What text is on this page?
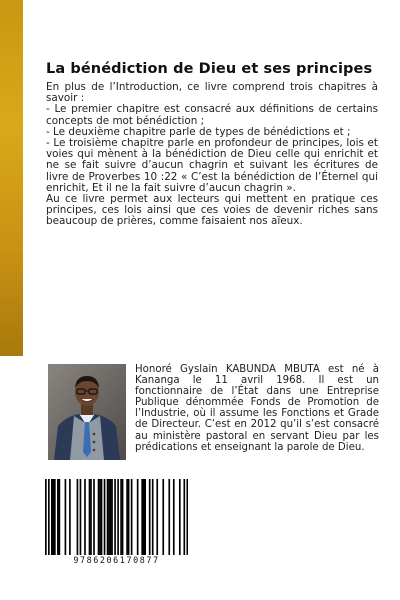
La bénédiction de Dieu et ses principes

En plus de l’Introduction, ce livre comprend trois chapitres à savoir :

- Le premier chapitre est consacré aux définitions de certains concepts de mot bénédiction ;

- Le deuxième chapitre parle de types de bénédictions et ;

- Le troisième chapitre parle en profondeur de principes, lois et voies qui mènent à la bénédiction de Dieu celle qui enrichit et ne se fait suivre d’aucun chagrin et suivant les écritures de livre de Proverbes 10 :22 « C’est la bénédiction de l’Éternel qui enrichit, Et il ne la fait suivre d’aucun chagrin ».

Au ce livre permet aux lecteurs qui mettent en pratique ces principes, ces lois ainsi que ces voies de devenir riches sans beaucoup de prières, comme faisaient nos aïeux.

Honoré Gyslain KABUNDA MBUTA est né à Kananga le 11 avril 1968. Il est un fonctionnaire de l’État dans une Entreprise Publique dénommée Fonds de Promotion de l’Industrie, où il assume les Fonctions et Grade de Directeur. C’est en 2012 qu’il s’est consacré au ministère pastoral en servant Dieu par les prédications et enseignant la parole de Dieu.

9786206170877
